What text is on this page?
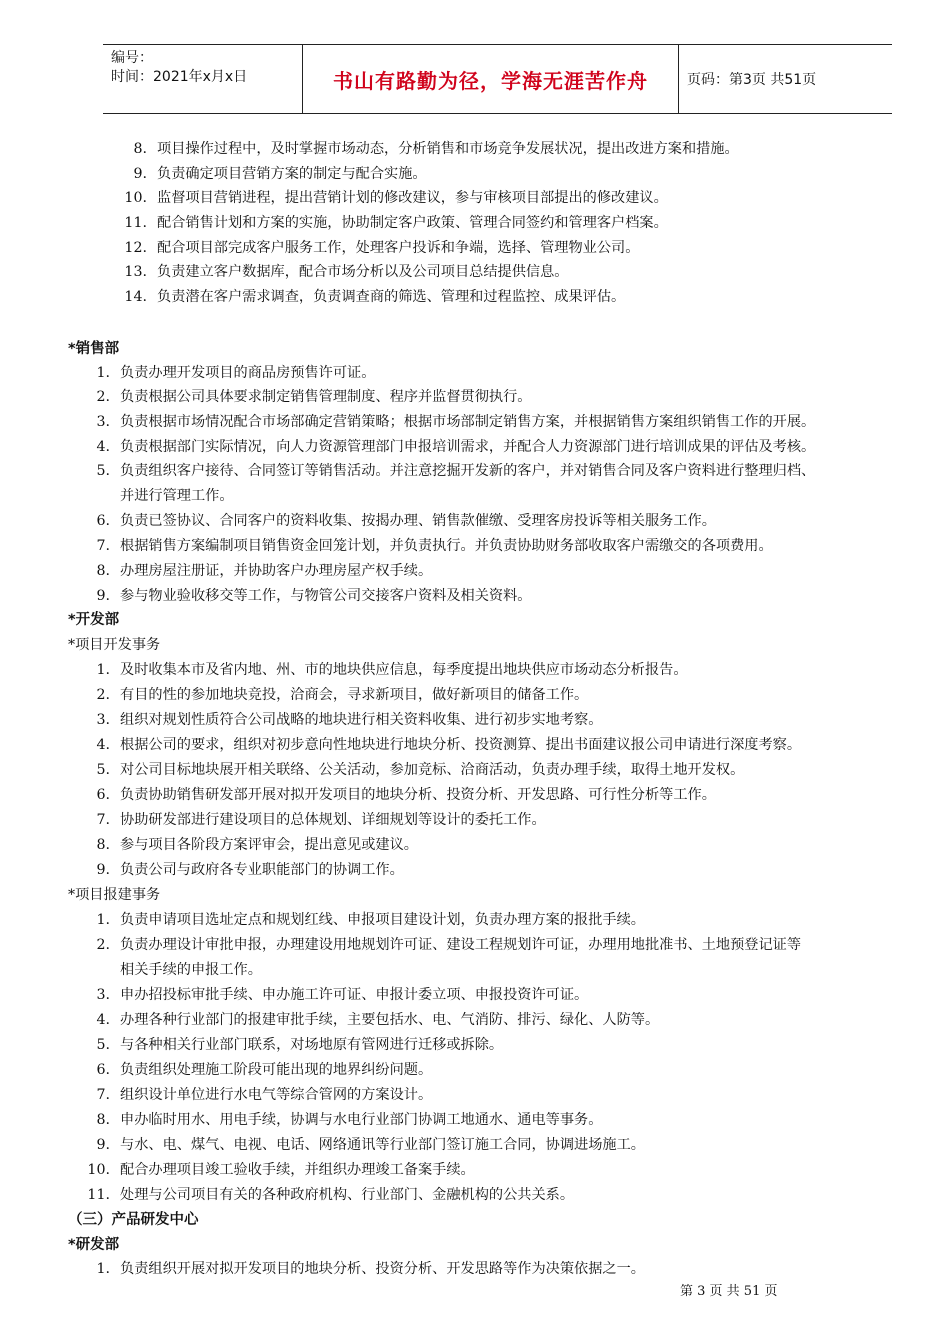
编号：
时间：2021年x月x日	书山有路勤为径，学海无涯苦作舟	页码：第3页 共51页
8. 项目操作过程中，及时掌握市场动态，分析销售和市场竞争发展状况，提出改进方案和措施。
9. 负责确定项目营销方案的制定与配合实施。
10. 监督项目营销进程，提出营销计划的修改建议，参与审核项目部提出的修改建议。
11. 配合销售计划和方案的实施，协助制定客户政策、管理合同签约和管理客户档案。
12. 配合项目部完成客户服务工作，处理客户投诉和争端，选择、管理物业公司。
13. 负责建立客户数据库，配合市场分析以及公司项目总结提供信息。
14. 负责潜在客户需求调查，负责调查商的筛选、管理和过程监控、成果评估。
*销售部
1. 负责办理开发项目的商品房预售许可证。
2. 负责根据公司具体要求制定销售管理制度、程序并监督贯彻执行。
3. 负责根据市场情况配合市场部确定营销策略；根据市场部制定销售方案，并根据销售方案组织销售工作的开展。
4. 负责根据部门实际情况，向人力资源管理部门申报培训需求，并配合人力资源部门进行培训成果的评估及考核。
5. 负责组织客户接待、合同签订等销售活动。并注意挖掘开发新的客户，并对销售合同及客户资料进行整理归档、
并进行管理工作。
6. 负责已签协议、合同客户的资料收集、按揭办理、销售款催缴、受理客房投诉等相关服务工作。
7. 根据销售方案编制项目销售资金回笼计划，并负责执行。并负责协助财务部收取客户需缴交的各项费用。
8. 办理房屋注册证，并协助客户办理房屋产权手续。
9. 参与物业验收移交等工作，与物管公司交接客户资料及相关资料。
*开发部
*项目开发事务
1. 及时收集本市及省内地、州、市的地块供应信息，每季度提出地块供应市场动态分析报告。
2. 有目的性的参加地块竞投，洽商会，寻求新项目，做好新项目的储备工作。
3. 组织对规划性质符合公司战略的地块进行相关资料收集、进行初步实地考察。
4. 根据公司的要求，组织对初步意向性地块进行地块分析、投资测算、提出书面建议报公司申请进行深度考察。
5. 对公司目标地块展开相关联络、公关活动，参加竞标、洽商活动，负责办理手续，取得土地开发权。
6. 负责协助销售研发部开展对拟开发项目的地块分析、投资分析、开发思路、可行性分析等工作。
7. 协助研发部进行建设项目的总体规划、详细规划等设计的委托工作。
8. 参与项目各阶段方案评审会，提出意见或建议。
9. 负责公司与政府各专业职能部门的协调工作。
*项目报建事务
1. 负责申请项目选址定点和规划红线、申报项目建设计划，负责办理方案的报批手续。
2. 负责办理设计审批申报，办理建设用地规划许可证、建设工程规划许可证，办理用地批准书、土地预登记证等
相关手续的申报工作。
3. 申办招投标审批手续、申办施工许可证、申报计委立项、申报投资许可证。
4. 办理各种行业部门的报建审批手续，主要包括水、电、气消防、排污、绿化、人防等。
5. 与各种相关行业部门联系，对场地原有管网进行迁移或拆除。
6. 负责组织处理施工阶段可能出现的地界纠纷问题。
7. 组织设计单位进行水电气等综合管网的方案设计。
8. 申办临时用水、用电手续，协调与水电行业部门协调工地通水、通电等事务。
9. 与水、电、煤气、电视、电话、网络通讯等行业部门签订施工合同，协调进场施工。
10. 配合办理项目竣工验收手续，并组织办理竣工备案手续。
11. 处理与公司项目有关的各种政府机构、行业部门、金融机构的公共关系。
（三）产品研发中心
*研发部
1. 负责组织开展对拟开发项目的地块分析、投资分析、开发思路等作为决策依据之一。
第 3 页 共 51 页
